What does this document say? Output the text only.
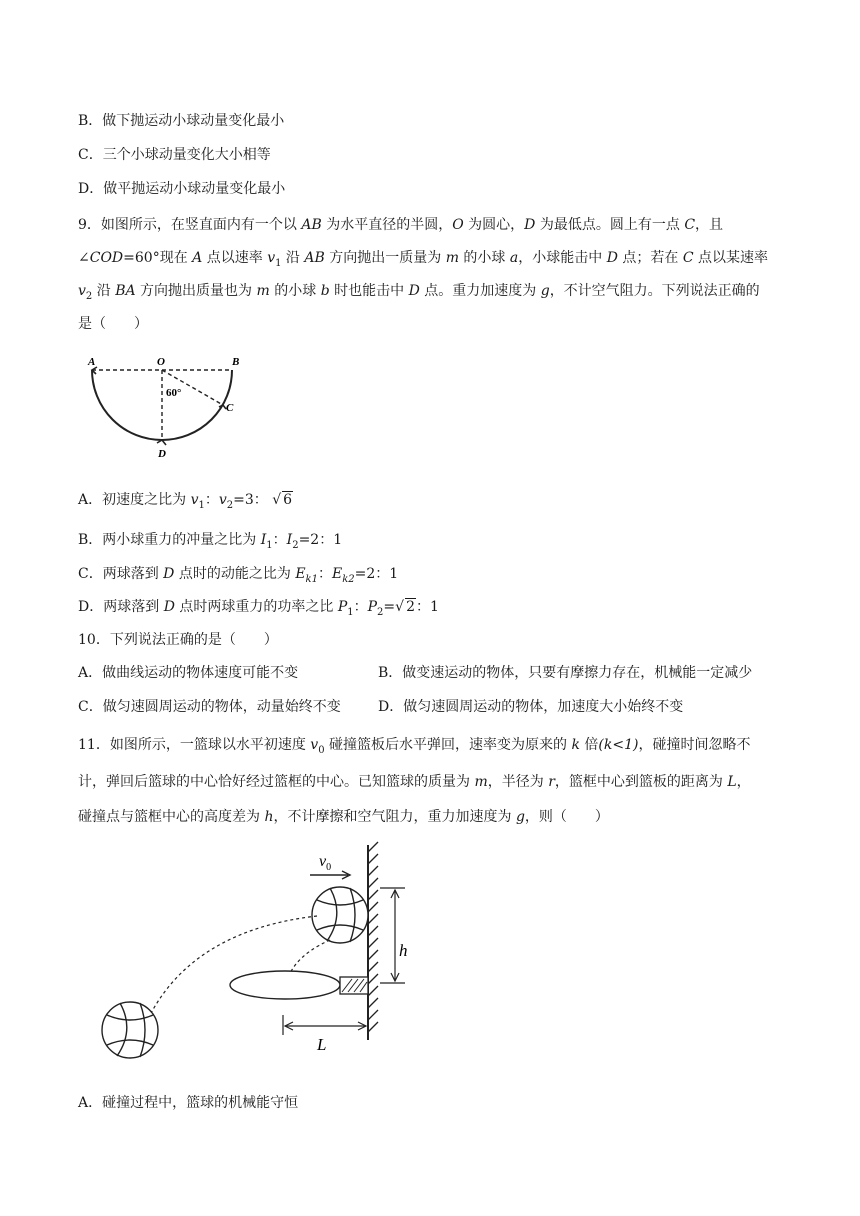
B．做下抛运动小球动量变化最小
C．三个小球动量变化大小相等
D．做平抛运动小球动量变化最小
9．如图所示，在竖直面内有一个以 AB 为水平直径的半圆，O 为圆心，D 为最低点。圆上有一点 C，且
∠COD=60°现在 A 点以速率 $v_1$ 沿 AB 方向抛出一质量为 m 的小球 a，小球能击中 D 点；若在 C 点以某速率
$v_2$ 沿 BA 方向抛出质量也为 m 的小球 b 时也能击中 D 点。重力加速度为 g，不计空气阻力。下列说法正确的
是（　　）
A	O	B
C
D
60°
A．初速度之比为 $v_1$：$v_2=3$： √ 6
B．两小球重力的冲量之比为 $I_1$：$I_2=2$：1
C．两球落到 D 点时的动能之比为 $E_{k1}$：$E_{k2}=2$：1
D．两球落到 D 点时两球重力的功率之比 $P_1$：$P_2=√$ 2：1
10．下列说法正确的是（　　）
A．做曲线运动的物体速度可能不变	B．做变速运动的物体，只要有摩擦力存在，机械能一定减少
C．做匀速圆周运动的物体，动量始终不变	D．做匀速圆周运动的物体，加速度大小始终不变
11．如图所示，一篮球以水平初速度 $v_0$ 碰撞篮板后水平弹回，速率变为原来的 k 倍(k<1)，碰撞时间忽略不
计，弹回后篮球的中心恰好经过篮框的中心。已知篮球的质量为 m，半径为 r，篮框中心到篮板的距离为 L，
碰撞点与篮框中心的高度差为 h，不计摩擦和空气阻力，重力加速度为 g，则（　　）
$v_0$
h
L
A．碰撞过程中，篮球的机械能守恒
